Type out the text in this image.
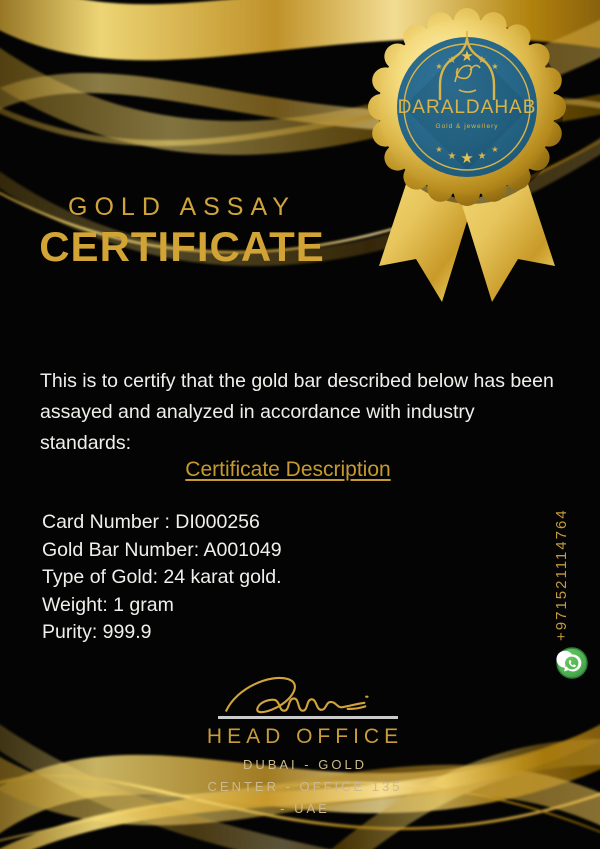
★
★ ★ ★
★
★
★ ★ ★
★
DARALDAHAB
Gold & jewellery
GOLD ASSAY
CERTIFICATE

This is to certify that the gold bar described below has been assayed and analyzed in accordance with industry standards:

Certificate Description
Card Number : DI000256
Gold Bar Number: A001049
Type of Gold: 24 karat gold.
Weight: 1 gram
Purity: 999.9	+971521114764
HEAD OFFICE
DUBAI - GOLD
CENTER - OFFICE 135
- UAE
